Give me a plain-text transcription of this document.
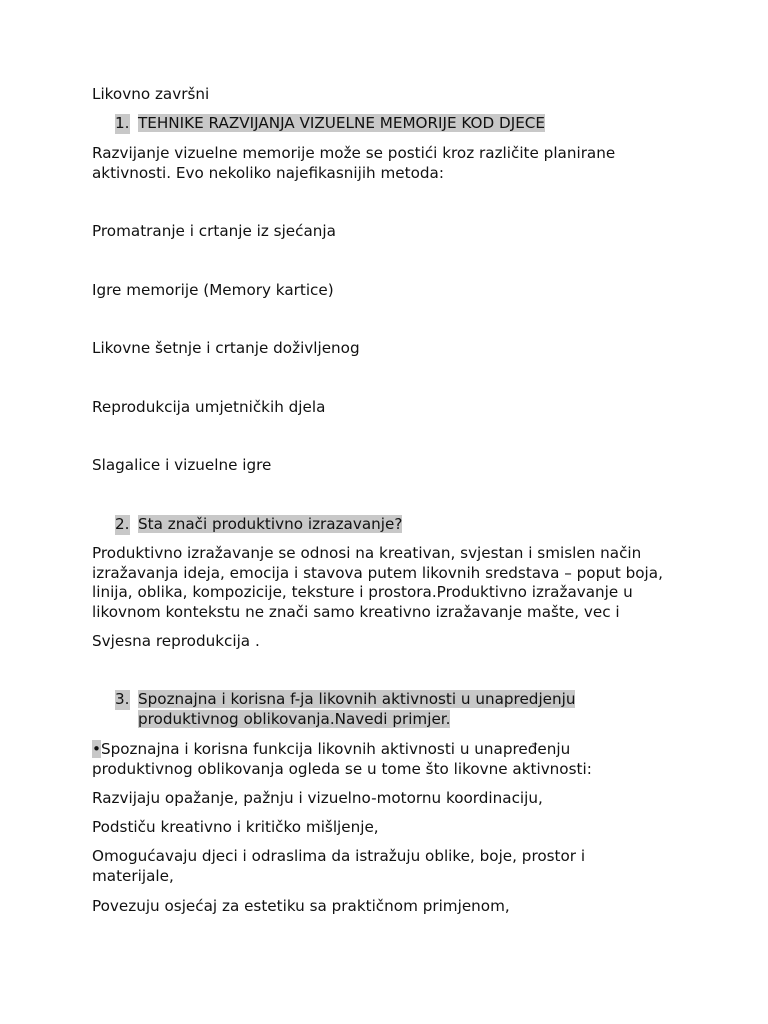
Likovno završni

1. TEHNIKE RAZVIJANJA VIZUELNE MEMORIJE KOD DJECE

Razvijanje vizuelne memorije može se postići kroz različite planirane aktivnosti. Evo nekoliko najefikasnijih metoda:

Promatranje i crtanje iz sjećanja

Igre memorije (Memory kartice)

Likovne šetnje i crtanje doživljenog

Reprodukcija umjetničkih djela

Slagalice i vizuelne igre

2. Sta znači produktivno izrazavanje?

Produktivno izražavanje se odnosi na kreativan, svjestan i smislen način izražavanja ideja, emocija i stavova putem likovnih sredstava – poput boja, linija, oblika, kompozicije, teksture i prostora.Produktivno izražavanje u likovnom kontekstu ne znači samo kreativno izražavanje mašte, vec i

Svjesna reprodukcija .

3. Spoznajna i korisna f-ja likovnih aktivnosti u unapredjenju produktivnog oblikovanja.Navedi primjer.

•Spoznajna i korisna funkcija likovnih aktivnosti u unapređenju produktivnog oblikovanja ogleda se u tome što likovne aktivnosti:

Razvijaju opažanje, pažnju i vizuelno-motornu koordinaciju,

Podstiču kreativno i kritičko mišljenje,

Omogućavaju djeci i odraslima da istražuju oblike, boje, prostor i materijale,

Povezuju osjećaj za estetiku sa praktičnom primjenom,
